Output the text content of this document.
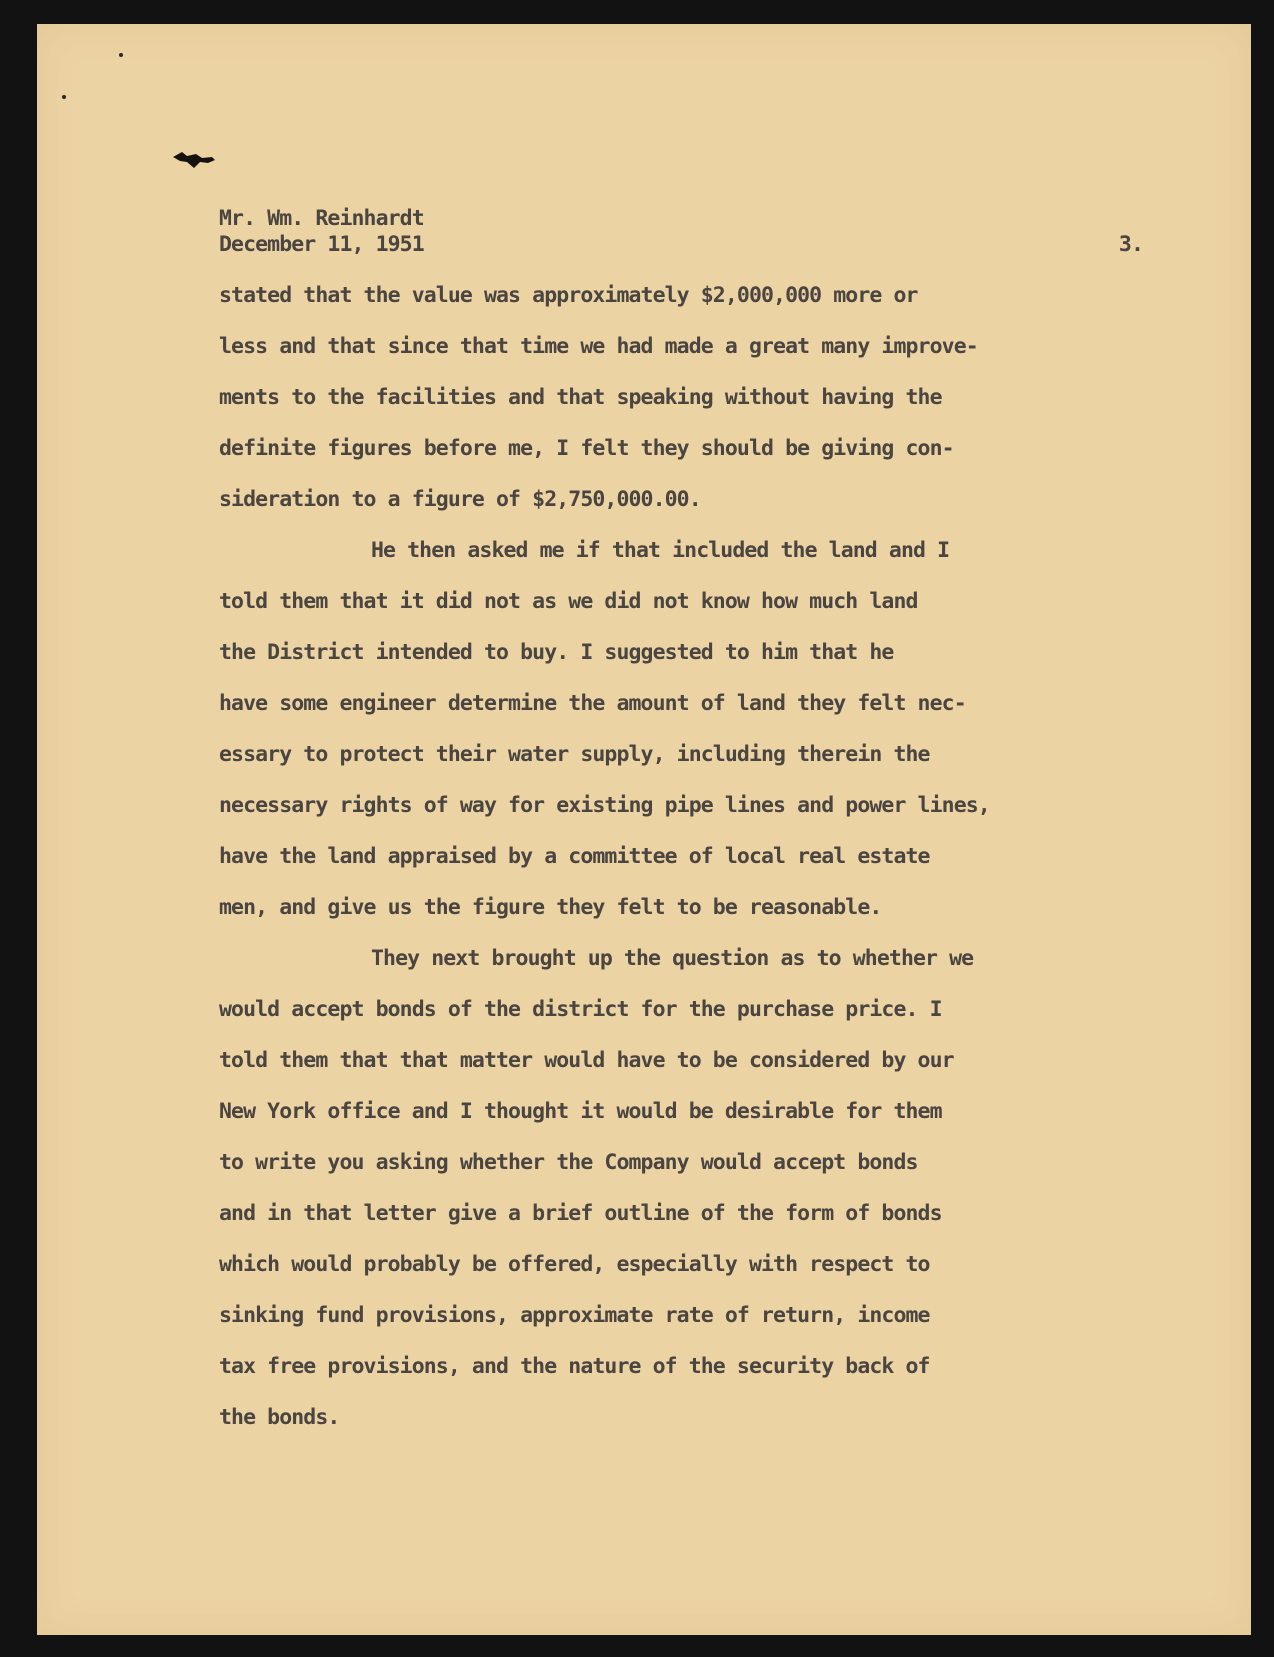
Mr. Wm. Reinhardt
December 11, 1951	3.
stated that the value was approximately $2,000,000 more or
less and that since that time we had made a great many improve-
ments to the facilities and that speaking without having the
definite figures before me, I felt they should be giving con-
sideration to a figure of $2,750,000.00.
He then asked me if that included the land and I
told them that it did not as we did not know how much land
the District intended to buy. I suggested to him that he
have some engineer determine the amount of land they felt nec-
essary to protect their water supply, including therein the
necessary rights of way for existing pipe lines and power lines,
have the land appraised by a committee of local real estate
men, and give us the figure they felt to be reasonable.
They next brought up the question as to whether we
would accept bonds of the district for the purchase price. I
told them that that matter would have to be considered by our
New York office and I thought it would be desirable for them
to write you asking whether the Company would accept bonds
and in that letter give a brief outline of the form of bonds
which would probably be offered, especially with respect to
sinking fund provisions, approximate rate of return, income
tax free provisions, and the nature of the security back of
the bonds.
